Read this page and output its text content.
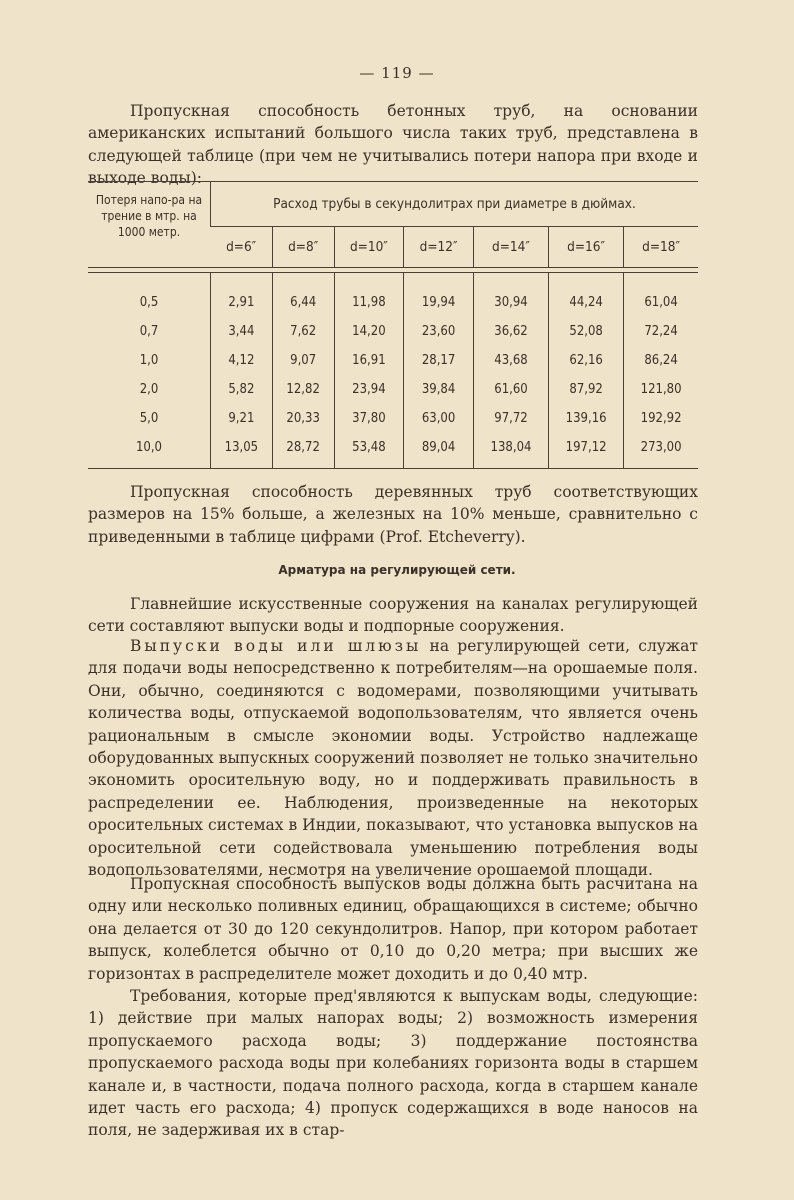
— 119 —

Пропускная способность бетонных труб, на основании американских испытаний большого числа таких труб, представлена в следующей таблице (при чем не учитывались потери напора при входе и выходе воды):

Потеря напо-ра на трение в мтр. на 1000 метр.	Расход трубы в секундолитрах при диаметре в дюймах.						
	d=6″	d=8″	d=10″	d=12″	d=14″	d=16″	d=18″

0,5	2,91	6,44	11,98	19,94	30,94	44,24	61,04
0,7	3,44	7,62	14,20	23,60	36,62	52,08	72,24
1,0	4,12	9,07	16,91	28,17	43,68	62,16	86,24
2,0	5,82	12,82	23,94	39,84	61,60	87,92	121,80
5,0	9,21	20,33	37,80	63,00	97,72	139,16	192,92
10,0	13,05	28,72	53,48	89,04	138,04	197,12	273,00

Пропускная способность деревянных труб соответствующих размеров на 15% больше, а железных на 10% меньше, сравнительно с приведенными в таблице цифрами (Prof. Etcheverry).

Арматура на регулирующей сети.

Главнейшие искусственные сооружения на каналах регулирующей сети составляют выпуски воды и подпорные сооружения.

Выпуски воды или шлюзы на регулирующей сети, служат для подачи воды непосредственно к потребителям—на орошаемые поля. Они, обычно, соединяются с водомерами, позволяющими учитывать количества воды, отпускаемой водопользователям, что является очень рациональным в смысле экономии воды. Устройство надлежаще оборудованных выпускных сооружений позволяет не только значительно экономить оросительную воду, но и поддерживать правильность в распределении ее. Наблюдения, произведенные на некоторых оросительных системах в Индии, показывают, что установка выпусков на оросительной сети содействовала уменьшению потребления воды водопользователями, несмотря на увеличение орошаемой площади.

Пропускная способность выпусков воды должна быть расчитана на одну или несколько поливных единиц, обращающихся в системе; обычно она делается от 30 до 120 секундолитров. Напор, при котором работает выпуск, колеблется обычно от 0,10 до 0,20 метра; при высших же горизонтах в распределителе может доходить и до 0,40 мтр.

Требования, которые пред'являются к выпускам воды, следующие: 1) действие при малых напорах воды; 2) возможность измерения пропускаемого расхода воды; 3) поддержание постоянства пропускаемого расхода воды при колебаниях горизонта воды в старшем канале и, в частности, подача полного расхода, когда в старшем канале идет часть его расхода; 4) пропуск содержащихся в воде наносов на поля, не задерживая их в стар-
